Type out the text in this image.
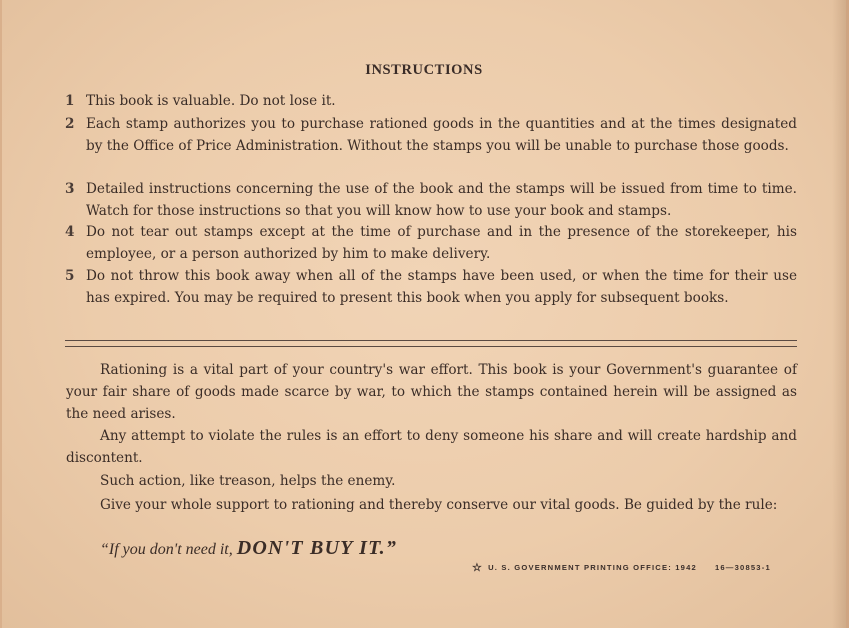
INSTRUCTIONS
1 This book is valuable. Do not lose it.
2 Each stamp authorizes you to purchase rationed goods in the quantities and at the times designated by the Office of Price Administration. Without the stamps you will be unable to purchase those goods.
3 Detailed instructions concerning the use of the book and the stamps will be issued from time to time. Watch for those instructions so that you will know how to use your book and stamps.
4 Do not tear out stamps except at the time of purchase and in the presence of the storekeeper, his employee, or a person authorized by him to make delivery.
5 Do not throw this book away when all of the stamps have been used, or when the time for their use has expired. You may be required to present this book when you apply for subsequent books.
Rationing is a vital part of your country's war effort. This book is your Government's guarantee of your fair share of goods made scarce by war, to which the stamps contained herein will be assigned as the need arises.
Any attempt to violate the rules is an effort to deny someone his share and will create hardship and discontent.
Such action, like treason, helps the enemy.
Give your whole support to rationing and thereby conserve our vital goods. Be guided by the rule:
“If you don't need it, DON'T BUY IT.”
☆ U. S. GOVERNMENT PRINTING OFFICE: 1942 16—30853-1
